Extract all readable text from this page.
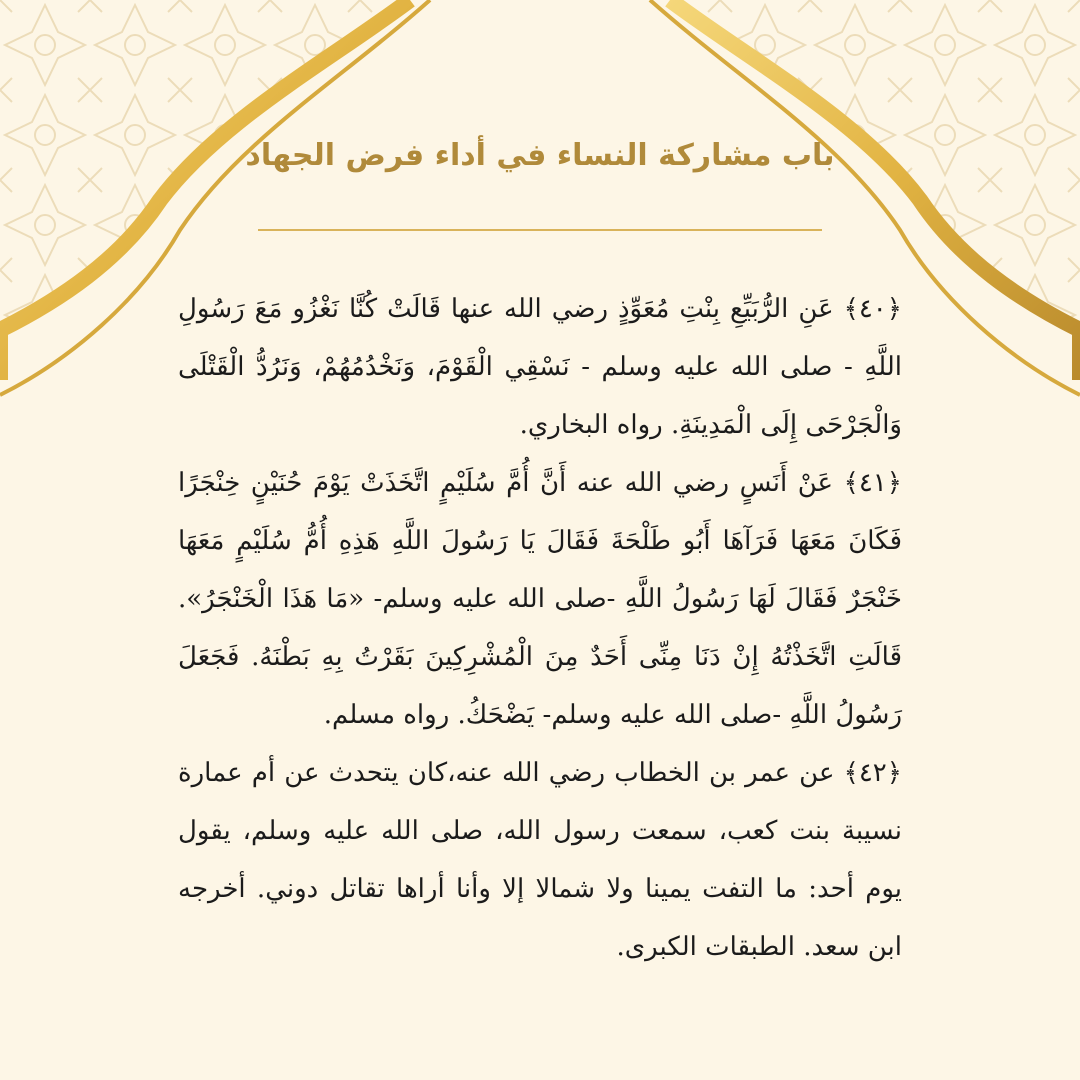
باب مشاركة النساء في أداء فرض الجهاد

﴿٤٠﴾ عَنِ الرُّبَيِّعِ بِنْتِ مُعَوِّذٍ رضي الله عنها قَالَتْ كُنَّا نَغْزُو مَعَ رَسُولِ اللَّهِ - صلى الله عليه وسلم - نَسْقِي الْقَوْمَ، وَنَخْدُمُهُمْ، وَنَرُدُّ الْقَتْلَى وَالْجَرْحَى إِلَى الْمَدِينَةِ. رواه البخاري.

﴿٤١﴾ عَنْ أَنَسٍ رضي الله عنه أَنَّ أُمَّ سُلَيْمٍ اتَّخَذَتْ يَوْمَ حُنَيْنٍ خِنْجَرًا فَكَانَ مَعَهَا فَرَآهَا أَبُو طَلْحَةَ فَقَالَ يَا رَسُولَ اللَّهِ هَذِهِ أُمُّ سُلَيْمٍ مَعَهَا خَنْجَرٌ فَقَالَ لَهَا رَسُولُ اللَّهِ -صلى الله عليه وسلم- «مَا هَذَا الْخَنْجَرُ». قَالَتِ اتَّخَذْتُهُ إِنْ دَنَا مِنِّى أَحَدٌ مِنَ الْمُشْرِكِينَ بَقَرْتُ بِهِ بَطْنَهُ. فَجَعَلَ رَسُولُ اللَّهِ -صلى الله عليه وسلم- يَضْحَكُ. رواه مسلم.

﴿٤٢﴾ عن عمر بن الخطاب رضي الله عنه،كان يتحدث عن أم عمارة نسيبة بنت كعب، سمعت رسول الله، صلى الله عليه وسلم، يقول يوم أحد: ما التفت يمينا ولا شمالا إلا وأنا أراها تقاتل دوني. أخرجه ابن سعد. الطبقات الكبرى.
